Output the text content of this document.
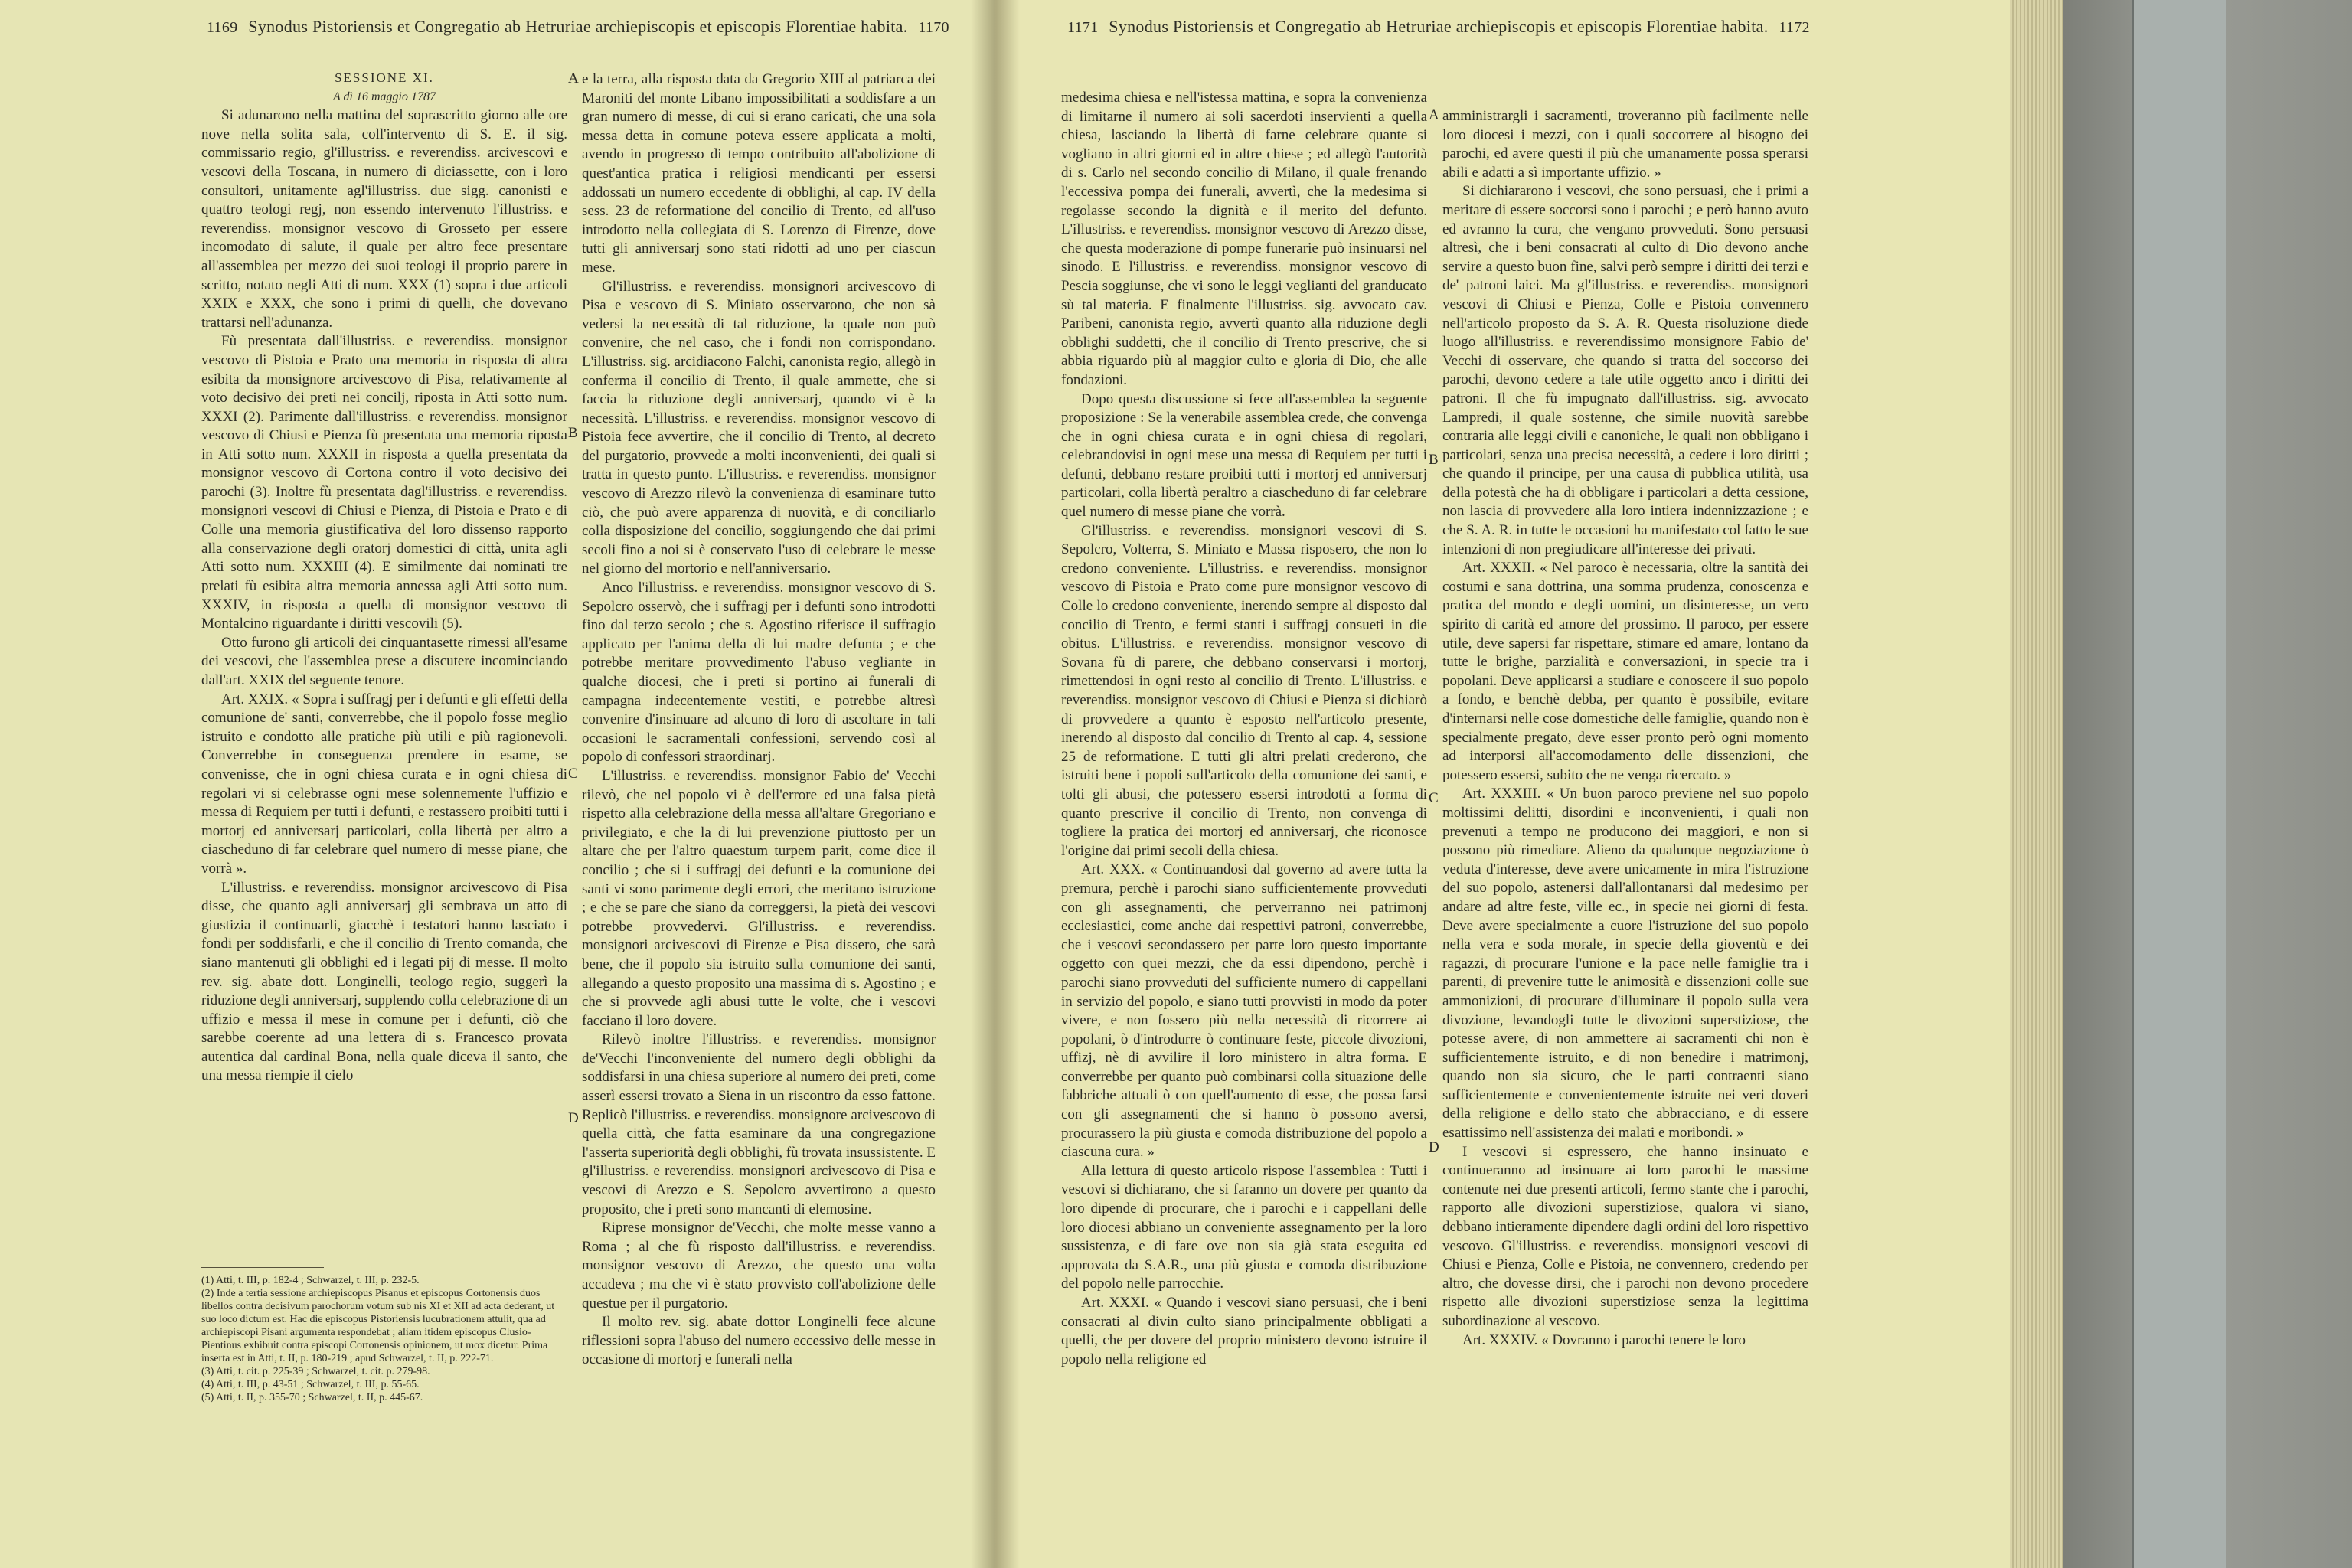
1169 Synodus Pistoriensis et Congregatio ab Hetruriae archiepiscopis et episcopis Florentiae habita. 1170

SESSIONE XI.

A dì 16 maggio 1787

Si adunarono nella mattina del soprascritto giorno alle ore nove nella solita sala, coll'intervento di S. E. il sig. commissario regio, gl'illustriss. e reverendiss. arcivescovi e vescovi della Toscana, in numero di diciassette, con i loro consultori, unitamente agl'illustriss. due sigg. canonisti e quattro teologi regj, non essendo intervenuto l'illustriss. e reverendiss. monsignor vescovo di Grosseto per essere incomodato di salute, il quale per altro fece presentare all'assemblea per mezzo dei suoi teologi il proprio parere in scritto, notato negli Atti di num. XXX (1) sopra i due articoli XXIX e XXX, che sono i primi di quelli, che dovevano trattarsi nell'adunanza.

Fù presentata dall'illustriss. e reverendiss. monsignor vescovo di Pistoia e Prato una memoria in risposta di altra esibita da monsignore arcivescovo di Pisa, relativamente al voto decisivo dei preti nei concilj, riposta in Atti sotto num. XXXI (2). Parimente dall'illustriss. e reverendiss. monsignor vescovo di Chiusi e Pienza fù presentata una memoria riposta in Atti sotto num. XXXII in risposta a quella presentata da monsignor vescovo di Cortona contro il voto decisivo dei parochi (3). Inoltre fù presentata dagl'illustriss. e reverendiss. monsignori vescovi di Chiusi e Pienza, di Pistoia e Prato e di Colle una memoria giustificativa del loro dissenso rapporto alla conservazione degli oratorj domestici di città, unita agli Atti sotto num. XXXIII (4). E similmente dai nominati tre prelati fù esibita altra memoria annessa agli Atti sotto num. XXXIV, in risposta a quella di monsignor vescovo di Montalcino riguardante i diritti vescovili (5).

Otto furono gli articoli dei cinquantasette rimessi all'esame dei vescovi, che l'assemblea prese a discutere incominciando dall'art. XXIX del seguente tenore.

Art. XXIX. « Sopra i suffragj per i defunti e gli effetti della comunione de' santi, converrebbe, che il popolo fosse meglio istruito e condotto alle pratiche più utili e più ragionevoli. Converrebbe in conseguenza prendere in esame, se convenisse, che in ogni chiesa curata e in ogni chiesa di regolari vi si celebrasse ogni mese solennemente l'uffizio e messa di Requiem per tutti i defunti, e restassero proibiti tutti i mortorj ed anniversarj particolari, colla libertà per altro a ciascheduno di far celebrare quel numero di messe piane, che vorrà ».

L'illustriss. e reverendiss. monsignor arcivescovo di Pisa disse, che quanto agli anniversarj gli sembrava un atto di giustizia il continuarli, giacchè i testatori hanno lasciato i fondi per soddisfarli, e che il concilio di Trento comanda, che siano mantenuti gli obblighi ed i legati pij di messe. Il molto rev. sig. abate dott. Longinelli, teologo regio, suggerì la riduzione degli anniversarj, supplendo colla celebrazione di un uffizio e messa il mese in comune per i defunti, ciò che sarebbe coerente ad una lettera di s. Francesco provata autentica dal cardinal Bona, nella quale diceva il santo, che una messa riempie il cielo

(1) Atti, t. III, p. 182-4 ; Schwarzel, t. III, p. 232-5.

(2) Inde a tertia sessione archiepiscopus Pisanus et episcopus Cortonensis duos libellos contra decisivum parochorum votum sub nis XI et XII ad acta dederant, ut suo loco dictum est. Hac die episcopus Pistoriensis lucubrationem attulit, qua ad archiepiscopi Pisani argumenta respondebat ; aliam itidem episcopus Clusio-Pientinus exhibuit contra episcopi Cortonensis opinionem, ut mox dicetur. Prima inserta est in Atti, t. II, p. 180-219 ; apud Schwarzel, t. II, p. 222-71.

(3) Atti, t. cit. p. 225-39 ; Schwarzel, t. cit. p. 279-98.

(4) Atti, t. III, p. 43-51 ; Schwarzel, t. III, p. 55-65.

(5) Atti, t. II, p. 355-70 ; Schwarzel, t. II, p. 445-67.

A
B
C
D

e la terra, alla risposta data da Gregorio XIII al patriarca dei Maroniti del monte Libano impossibilitati a soddisfare a un gran numero di messe, di cui si erano caricati, che una sola messa detta in comune poteva essere applicata a molti, avendo in progresso di tempo contribuito all'abolizione di quest'antica pratica i religiosi mendicanti per essersi addossati un numero eccedente di obblighi, al cap. IV della sess. 23 de reformatione del concilio di Trento, ed all'uso introdotto nella collegiata di S. Lorenzo di Firenze, dove tutti gli anniversarj sono stati ridotti ad uno per ciascun mese.

Gl'illustriss. e reverendiss. monsignori arcivescovo di Pisa e vescovo di S. Miniato osservarono, che non sà vedersi la necessità di tal riduzione, la quale non può convenire, che nel caso, che i fondi non corrispondano. L'illustriss. sig. arcidiacono Falchi, canonista regio, allegò in conferma il concilio di Trento, il quale ammette, che si faccia la riduzione degli anniversarj, quando vi è la necessità. L'illustriss. e reverendiss. monsignor vescovo di Pistoia fece avvertire, che il concilio di Trento, al decreto del purgatorio, provvede a molti inconvenienti, dei quali si tratta in questo punto. L'illustriss. e reverendiss. monsignor vescovo di Arezzo rilevò la convenienza di esaminare tutto ciò, che può avere apparenza di nuovità, e di conciliarlo colla disposizione del concilio, soggiungendo che dai primi secoli fino a noi si è conservato l'uso di celebrare le messe nel giorno del mortorio e nell'anniversario.

Anco l'illustriss. e reverendiss. monsignor vescovo di S. Sepolcro osservò, che i suffragj per i defunti sono introdotti fino dal terzo secolo ; che s. Agostino riferisce il suffragio applicato per l'anima della di lui madre defunta ; e che potrebbe meritare provvedimento l'abuso vegliante in qualche diocesi, che i preti si portino ai funerali di campagna indecentemente vestiti, e potrebbe altresì convenire d'insinuare ad alcuno di loro di ascoltare in tali occasioni le sacramentali confessioni, servendo così al popolo di confessori straordinarj.

L'illustriss. e reverendiss. monsignor Fabio de' Vecchi rilevò, che nel popolo vi è dell'errore ed una falsa pietà rispetto alla celebrazione della messa all'altare Gregoriano e privilegiato, e che la di lui prevenzione piuttosto per un altare che per l'altro quaestum turpem parit, come dice il concilio ; che si i suffragj dei defunti e la comunione dei santi vi sono parimente degli errori, che meritano istruzione ; e che se pare che siano da correggersi, la pietà dei vescovi potrebbe provvedervi. Gl'illustriss. e reverendiss. monsignori arcivescovi di Firenze e Pisa dissero, che sarà bene, che il popolo sia istruito sulla comunione dei santi, allegando a questo proposito una massima di s. Agostino ; e che si provvede agli abusi tutte le volte, che i vescovi facciano il loro dovere.

Rilevò inoltre l'illustriss. e reverendiss. monsignor de'Vecchi l'inconveniente del numero degli obblighi da soddisfarsi in una chiesa superiore al numero dei preti, come asserì essersi trovato a Siena in un riscontro da esso fattone. Replicò l'illustriss. e reverendiss. monsignore arcivescovo di quella città, che fatta esaminare da una congregazione l'asserta superiorità degli obblighi, fù trovata insussistente. E gl'illustriss. e reverendiss. monsignori arcivescovo di Pisa e vescovi di Arezzo e S. Sepolcro avvertirono a questo proposito, che i preti sono mancanti di elemosine.

Riprese monsignor de'Vecchi, che molte messe vanno a Roma ; al che fù risposto dall'illustriss. e reverendiss. monsignor vescovo di Arezzo, che questo una volta accadeva ; ma che vi è stato provvisto coll'abolizione delle questue per il purgatorio.

Il molto rev. sig. abate dottor Longinelli fece alcune riflessioni sopra l'abuso del numero eccessivo delle messe in occasione di mortorj e funerali nella

1171 Synodus Pistoriensis et Congregatio ab Hetruriae archiepiscopis et episcopis Florentiae habita. 1172

medesima chiesa e nell'istessa mattina, e sopra la convenienza di limitarne il numero ai soli sacerdoti inservienti a quella chiesa, lasciando la libertà di farne celebrare quante si vogliano in altri giorni ed in altre chiese ; ed allegò l'autorità di s. Carlo nel secondo concilio di Milano, il quale frenando l'eccessiva pompa dei funerali, avvertì, che la medesima si regolasse secondo la dignità e il merito del defunto. L'illustriss. e reverendiss. monsignor vescovo di Arezzo disse, che questa moderazione di pompe funerarie può insinuarsi nel sinodo. E l'illustriss. e reverendiss. monsignor vescovo di Pescia soggiunse, che vi sono le leggi veglianti del granducato sù tal materia. E finalmente l'illustriss. sig. avvocato cav. Paribeni, canonista regio, avvertì quanto alla riduzione degli obblighi suddetti, che il concilio di Trento prescrive, che si abbia riguardo più al maggior culto e gloria di Dio, che alle fondazioni.

Dopo questa discussione si fece all'assemblea la seguente proposizione : Se la venerabile assemblea crede, che convenga che in ogni chiesa curata e in ogni chiesa di regolari, celebrandovisi in ogni mese una messa di Requiem per tutti i defunti, debbano restare proibiti tutti i mortorj ed anniversarj particolari, colla libertà peraltro a ciascheduno di far celebrare quel numero di messe piane che vorrà.

Gl'illustriss. e reverendiss. monsignori vescovi di S. Sepolcro, Volterra, S. Miniato e Massa risposero, che non lo credono conveniente. L'illustriss. e reverendiss. monsignor vescovo di Pistoia e Prato come pure monsignor vescovo di Colle lo credono conveniente, inerendo sempre al disposto dal concilio di Trento, e fermi stanti i suffragj consueti in die obitus. L'illustriss. e reverendiss. monsignor vescovo di Sovana fù di parere, che debbano conservarsi i mortorj, rimettendosi in ogni resto al concilio di Trento. L'illustriss. e reverendiss. monsignor vescovo di Chiusi e Pienza si dichiarò di provvedere a quanto è esposto nell'articolo presente, inerendo al disposto dal concilio di Trento al cap. 4, sessione 25 de reformatione. E tutti gli altri prelati crederono, che istruiti bene i popoli sull'articolo della comunione dei santi, e tolti gli abusi, che potessero essersi introdotti a forma di quanto prescrive il concilio di Trento, non convenga di togliere la pratica dei mortorj ed anniversarj, che riconosce l'origine dai primi secoli della chiesa.

Art. XXX. « Continuandosi dal governo ad avere tutta la premura, perchè i parochi siano sufficientemente provveduti con gli assegnamenti, che perverranno nei patrimonj ecclesiastici, come anche dai respettivi patroni, converrebbe, che i vescovi secondassero per parte loro questo importante oggetto con quei mezzi, che da essi dipendono, perchè i parochi siano provveduti del sufficiente numero di cappellani in servizio del popolo, e siano tutti provvisti in modo da poter vivere, e non fossero più nella necessità di ricorrere ai popolani, ò d'introdurre ò continuare feste, piccole divozioni, uffizj, nè di avvilire il loro ministero in altra forma. E converrebbe per quanto può combinarsi colla situazione delle fabbriche attuali ò con quell'aumento di esse, che possa farsi con gli assegnamenti che si hanno ò possono aversi, procurassero la più giusta e comoda distribuzione del popolo a ciascuna cura. »

Alla lettura di questo articolo rispose l'assemblea : Tutti i vescovi si dichiarano, che si faranno un dovere per quanto da loro dipende di procurare, che i parochi e i cappellani delle loro diocesi abbiano un conveniente assegnamento per la loro sussistenza, e di fare ove non sia già stata eseguita ed approvata da S.A.R., una più giusta e comoda distribuzione del popolo nelle parrocchie.

Art. XXXI. « Quando i vescovi siano persuasi, che i beni consacrati al divin culto siano principalmente obbligati a quelli, che per dovere del proprio ministero devono istruire il popolo nella religione ed

A
B
C
D

amministrargli i sacramenti, troveranno più facilmente nelle loro diocesi i mezzi, con i quali soccorrere al bisogno dei parochi, ed avere questi il più che umanamente possa sperarsi abili e adatti a sì importante uffizio. »

Si dichiararono i vescovi, che sono persuasi, che i primi a meritare di essere soccorsi sono i parochi ; e però hanno avuto ed avranno la cura, che vengano provveduti. Sono persuasi altresì, che i beni consacrati al culto di Dio devono anche servire a questo buon fine, salvi però sempre i diritti dei terzi e de' patroni laici. Ma gl'illustriss. e reverendiss. monsignori vescovi di Chiusi e Pienza, Colle e Pistoia convennero nell'articolo proposto da S. A. R. Questa risoluzione diede luogo all'illustriss. e reverendissimo monsignore Fabio de' Vecchi di osservare, che quando si tratta del soccorso dei parochi, devono cedere a tale utile oggetto anco i diritti dei patroni. Il che fù impugnato dall'illustriss. sig. avvocato Lampredi, il quale sostenne, che simile nuovità sarebbe contraria alle leggi civili e canoniche, le quali non obbligano i particolari, senza una precisa necessità, a cedere i loro diritti ; che quando il principe, per una causa di pubblica utilità, usa della potestà che ha di obbligare i particolari a detta cessione, non lascia di provvedere alla loro intiera indennizzazione ; e che S. A. R. in tutte le occasioni ha manifestato col fatto le sue intenzioni di non pregiudicare all'interesse dei privati.

Art. XXXII. « Nel paroco è necessaria, oltre la santità dei costumi e sana dottrina, una somma prudenza, conoscenza e pratica del mondo e degli uomini, un disinteresse, un vero spirito di carità ed amore del prossimo. Il paroco, per essere utile, deve sapersi far rispettare, stimare ed amare, lontano da tutte le brighe, parzialità e conversazioni, in specie tra i popolani. Deve applicarsi a studiare e conoscere il suo popolo a fondo, e benchè debba, per quanto è possibile, evitare d'internarsi nelle cose domestiche delle famiglie, quando non è specialmente pregato, deve esser pronto però ogni momento ad interporsi all'accomodamento delle dissenzioni, che potessero essersi, subito che ne venga ricercato. »

Art. XXXIII. « Un buon paroco previene nel suo popolo moltissimi delitti, disordini e inconvenienti, i quali non prevenuti a tempo ne producono dei maggiori, e non si possono più rimediare. Alieno da qualunque negoziazione ò veduta d'interesse, deve avere unicamente in mira l'istruzione del suo popolo, astenersi dall'allontanarsi dal medesimo per andare ad altre feste, ville ec., in specie nei giorni di festa. Deve avere specialmente a cuore l'istruzione del suo popolo nella vera e soda morale, in specie della gioventù e dei ragazzi, di procurare l'unione e la pace nelle famiglie tra i parenti, di prevenire tutte le animosità e dissenzioni colle sue ammonizioni, di procurare d'illuminare il popolo sulla vera divozione, levandogli tutte le divozioni superstiziose, che potesse avere, di non ammettere ai sacramenti chi non è sufficientemente istruito, e di non benedire i matrimonj, quando non sia sicuro, che le parti contraenti siano sufficientemente e convenientemente istruite nei veri doveri della religione e dello stato che abbracciano, e di essere esattissimo nell'assistenza dei malati e moribondi. »

I vescovi si espressero, che hanno insinuato e continueranno ad insinuare ai loro parochi le massime contenute nei due presenti articoli, fermo stante che i parochi, rapporto alle divozioni superstiziose, qualora vi siano, debbano intieramente dipendere dagli ordini del loro rispettivo vescovo. Gl'illustriss. e reverendiss. monsignori vescovi di Chiusi e Pienza, Colle e Pistoia, ne convennero, credendo per altro, che dovesse dirsi, che i parochi non devono procedere rispetto alle divozioni superstiziose senza la legittima subordinazione al vescovo.

Art. XXXIV. « Dovranno i parochi tenere le loro
